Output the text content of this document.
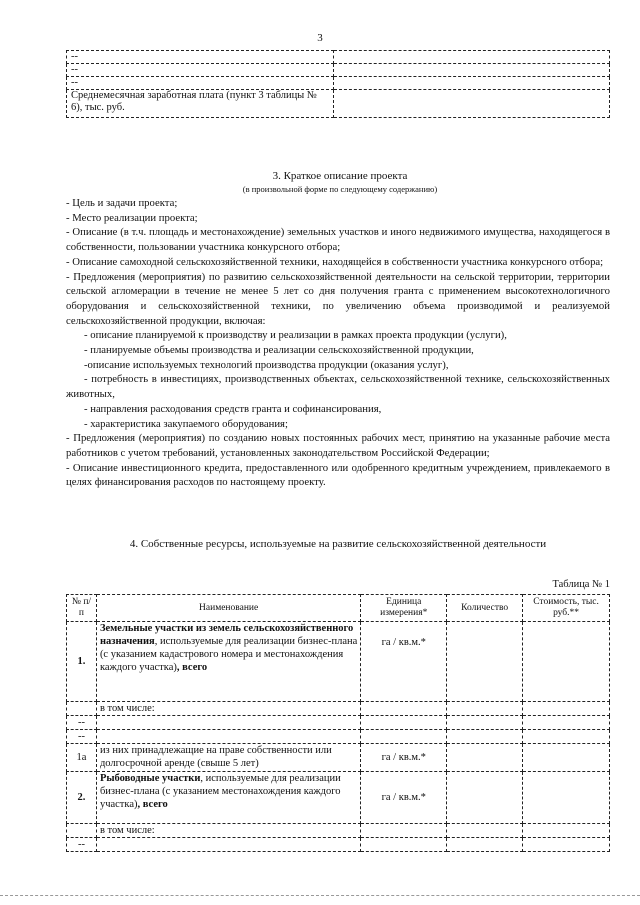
3
--	
--	
--	
Среднемесячная заработная плата (пункт 3 таблицы № 6), тыс. руб.	
3. Краткое описание проекта
(в произвольной форме по следующему содержанию)

- Цель и задачи проекта;

- Место реализации проекта;

- Описание (в т.ч. площадь и местонахождение) земельных участков и иного недвижимого имущества, находящегося в собственности, пользовании участника конкурсного отбора;

- Описание самоходной сельскохозяйственной техники, находящейся в собственности участника конкурсного отбора;

- Предложения (мероприятия) по развитию сельскохозяйственной деятельности на сельской территории, территории сельской агломерации в течение не менее 5 лет со дня получения гранта с применением высокотехнологичного оборудования и сельскохозяйственной техники, по увеличению объема производимой и реализуемой сельскохозяйственной продукции, включая:

- описание планируемой к производству и реализации в рамках проекта продукции (услуги),

- планируемые объемы производства и реализации сельскохозяйственной продукции,

-описание используемых технологий производства продукции (оказания услуг),

- потребность в инвестициях, производственных объектах, сельскохозяйственной технике, сельскохозяйственных животных,

- направления расходования средств гранта и софинансирования,

- характеристика закупаемого оборудования;

- Предложения (мероприятия) по созданию новых постоянных рабочих мест, принятию на указанные рабочие места работников с учетом требований, установленных законодательством Российской Федерации;

- Описание инвестиционного кредита, предоставленного или одобренного кредитным учреждением, привлекаемого в целях финансирования расходов по настоящему проекту.

4. Собственные ресурсы, используемые на развитие сельскохозяйственной деятельности
Таблица № 1
№ п/п	Наименование	Единица измерения*	Количество	Стоимость, тыс. руб.**
1.	Земельные участки из земель сельскохозяйственного назначения, используемые для реализации бизнес-плана (с указанием кадастрового номера и местонахождения каждого участка), всего	га / кв.м.*		
	в том числе:			
--				
--				
1а	из них принадлежащие на праве собственности или долгосрочной аренде (свыше 5 лет)	га / кв.м.*		
2.	Рыбоводные участки, используемые для реализации бизнес-плана (с указанием местонахождения каждого участка), всего	га / кв.м.*		
	в том числе:			
--				
